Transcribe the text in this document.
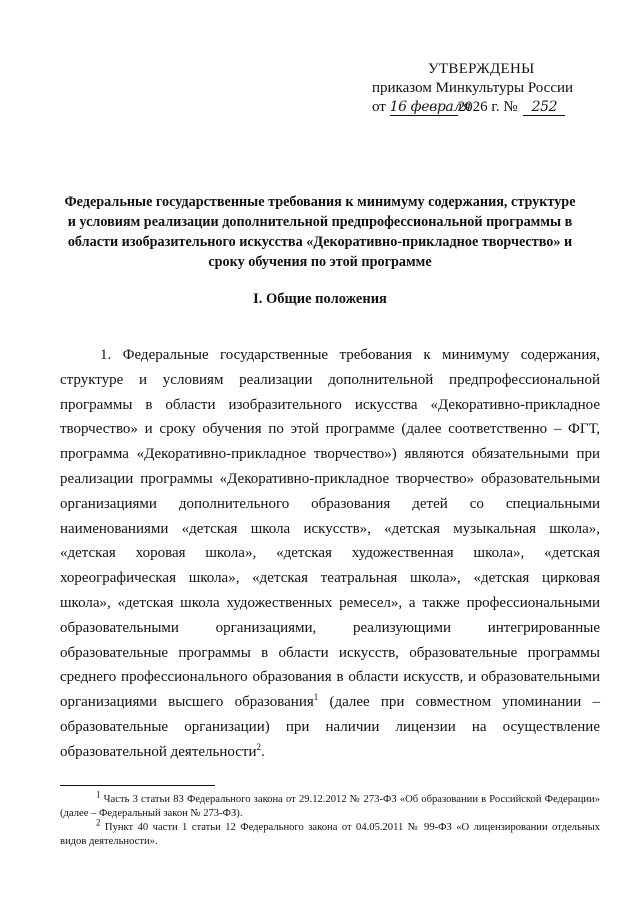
УТВЕРЖДЕНЫ
приказом Минкультуры России
от 16 февраля2026 г. № 252
Федеральные государственные требования к минимуму содержания, структуре и условиям реализации дополнительной предпрофессиональной программы в области изобразительного искусства «Декоративно-прикладное творчество» и сроку обучения по этой программе
I. Общие положения

1. Федеральные государственные требования к минимуму содержания, структуре и условиям реализации дополнительной предпрофессиональной программы в области изобразительного искусства «Декоративно-прикладное творчество» и сроку обучения по этой программе (далее соответственно – ФГТ, программа «Декоративно-прикладное творчество») являются обязательными при реализации программы «Декоративно-прикладное творчество» образовательными организациями дополнительного образования детей со специальными наименованиями «детская школа искусств», «детская музыкальная школа», «детская хоровая школа», «детская художественная школа», «детская хореографическая школа», «детская театральная школа», «детская цирковая школа», «детская школа художественных ремесел», а также профессиональными образовательными организациями, реализующими интегрированные образовательные программы в области искусств, образовательные программы среднего профессионального образования в области искусств, и образовательными организациями высшего образования$^1$ (далее при совместном упоминании – образовательные организации) при наличии лицензии на осуществление образовательной деятельности$^2$.

$^1$ Часть 3 статьи 83 Федерального закона от 29.12.2012 № 273-ФЗ «Об образовании в Российской Федерации» (далее – Федеральный закон № 273-ФЗ).

$^2$ Пункт 40 части 1 статьи 12 Федерального закона от 04.05.2011 № 99-ФЗ «О лицензировании отдельных видов деятельности».
